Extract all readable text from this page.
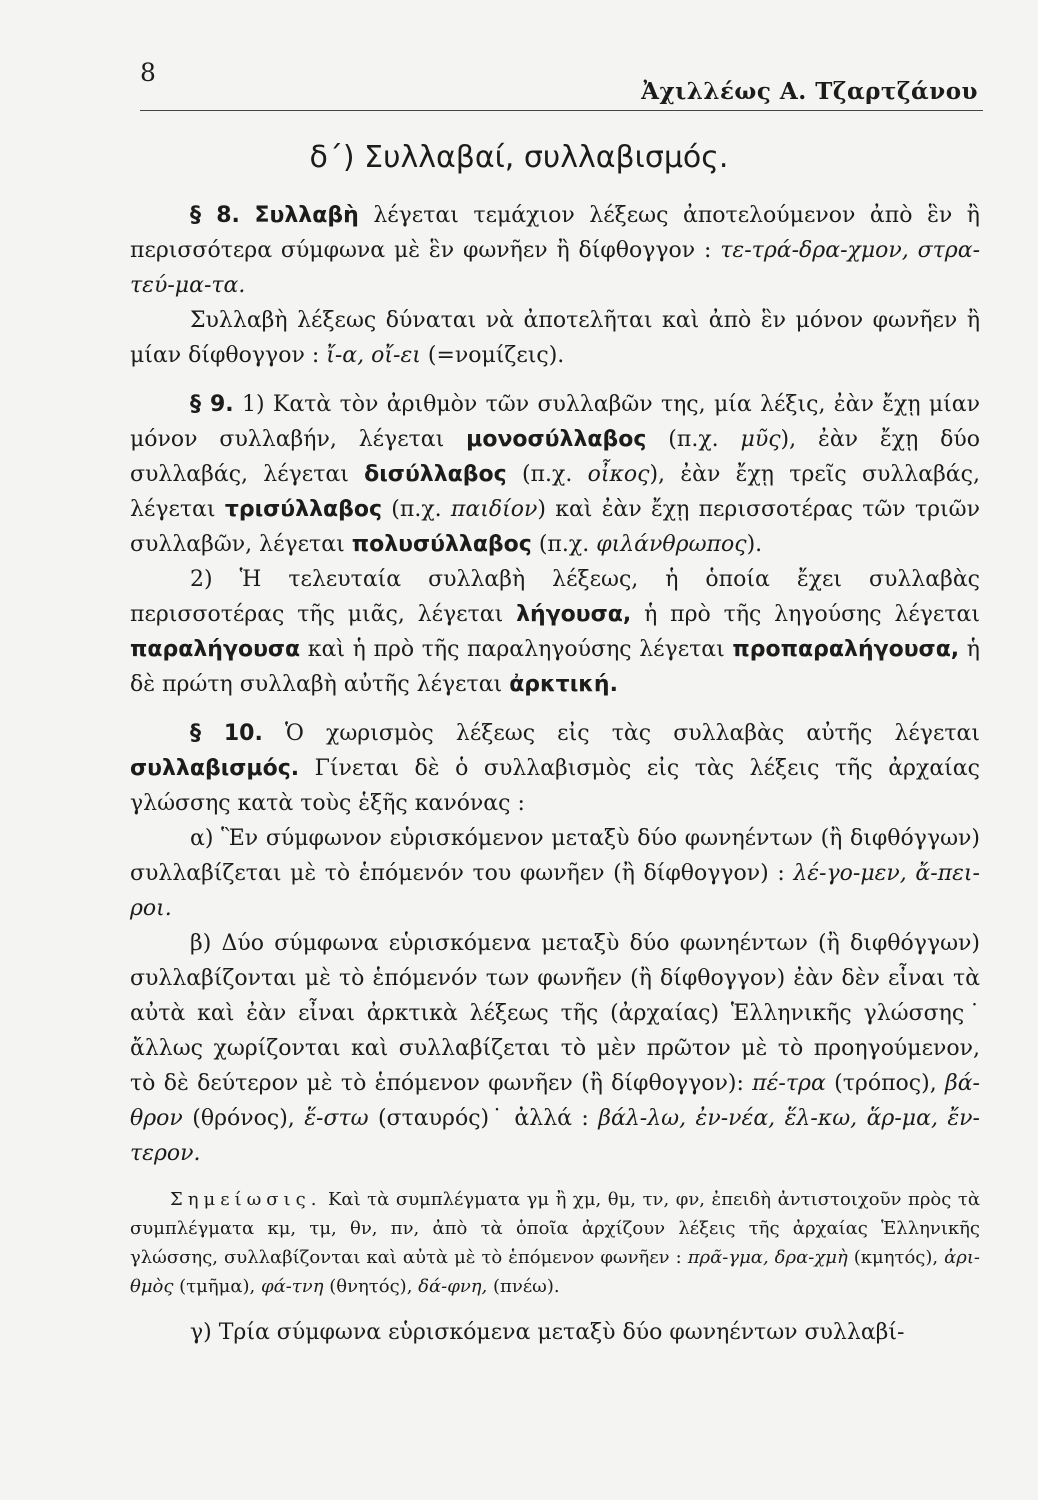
8
Ἀχιλλέως Α. Τζαρτζάνου
δ´) Συλλαβαί, συλλαβισμός.

§ 8. Συλλαβὴ λέγεται τεμάχιον λέξεως ἀποτελούμενον ἀπὸ ἓν ἢ περισσότερα σύμφωνα μὲ ἓν φωνῆεν ἢ δίφθογγον : τε-τρά-δρα-χμον, στρα-τεύ-μα-τα.

Συλλαβὴ λέξεως δύναται νὰ ἀποτελῆται καὶ ἀπὸ ἓν μόνον φωνῆεν ἢ μίαν δίφθογγον : ἴ-α, οἴ-ει (=νομίζεις).

§ 9. 1) Κατὰ τὸν ἀριθμὸν τῶν συλλαβῶν της, μία λέξις, ἐὰν ἔχῃ μίαν μόνον συλλαβήν, λέγεται μονοσύλλαβος (π.χ. μῦς), ἐὰν ἔχῃ δύο συλλαβάς, λέγεται δισύλλαβος (π.χ. οἶκος), ἐὰν ἔχῃ τρεῖς συλλαβάς, λέγεται τρισύλλαβος (π.χ. παιδίον) καὶ ἐὰν ἔχῃ περισσοτέρας τῶν τριῶν συλλαβῶν, λέγεται πολυσύλλαβος (π.χ. φιλάνθρωπος).

2) Ἡ τελευταία συλλαβὴ λέξεως, ἡ ὁποία ἔχει συλλαβὰς περισσοτέρας τῆς μιᾶς, λέγεται λήγουσα, ἡ πρὸ τῆς ληγούσης λέγεται παραλήγουσα καὶ ἡ πρὸ τῆς παραληγούσης λέγεται προπαραλήγουσα, ἡ δὲ πρώτη συλλαβὴ αὐτῆς λέγεται ἀρκτική.

§ 10. Ὁ χωρισμὸς λέξεως εἰς τὰς συλλαβὰς αὐτῆς λέγεται συλλαβισμός. Γίνεται δὲ ὁ συλλαβισμὸς εἰς τὰς λέξεις τῆς ἀρχαίας γλώσσης κατὰ τοὺς ἑξῆς κανόνας :

α) Ἓν σύμφωνον εὑρισκόμενον μεταξὺ δύο φωνηέντων (ἢ διφθόγγων) συλλαβίζεται μὲ τὸ ἑπόμενόν του φωνῆεν (ἢ δίφθογγον) : λέ-γο-μεν, ἄ-πει-ροι.

β) Δύο σύμφωνα εὑρισκόμενα μεταξὺ δύο φωνηέντων (ἢ διφθόγγων) συλλαβίζονται μὲ τὸ ἑπόμενόν των φωνῆεν (ἢ δίφθογγον) ἐὰν δὲν εἶναι τὰ αὐτὰ καὶ ἐὰν εἶναι ἀρκτικὰ λέξεως τῆς (ἀρχαίας) Ἑλληνικῆς γλώσσης˙ ἄλλως χωρίζονται καὶ συλλαβίζεται τὸ μὲν πρῶτον μὲ τὸ προηγούμενον, τὸ δὲ δεύτερον μὲ τὸ ἑπόμενον φωνῆεν (ἢ δίφθογγον): πέ-τρα (τρόπος), βά-θρον (θρόνος), ἕ-στω (σταυρός)˙ ἀλλά : βάλ-λω, ἐν-νέα, ἕλ-κω, ἅρ-μα, ἔν-τερον.

Σημείωσις. Καὶ τὰ συμπλέγματα γμ ἢ χμ, θμ, τν, φν, ἐπειδὴ ἀντιστοιχοῦν πρὸς τὰ συμπλέγματα κμ, τμ, θν, πν, ἀπὸ τὰ ὁποῖα ἀρχίζουν λέξεις τῆς ἀρχαίας Ἑλληνικῆς γλώσσης, συλλαβίζονται καὶ αὐτὰ μὲ τὸ ἑπόμενον φωνῆεν : πρᾶ-γμα, δρα-χμὴ (κμητός), ἀρι-θμὸς (τμῆμα), φά-τνη (θνητός), δά-φνη, (πνέω).

γ) Τρία σύμφωνα εὑρισκόμενα μεταξὺ δύο φωνηέντων συλλαβί-
